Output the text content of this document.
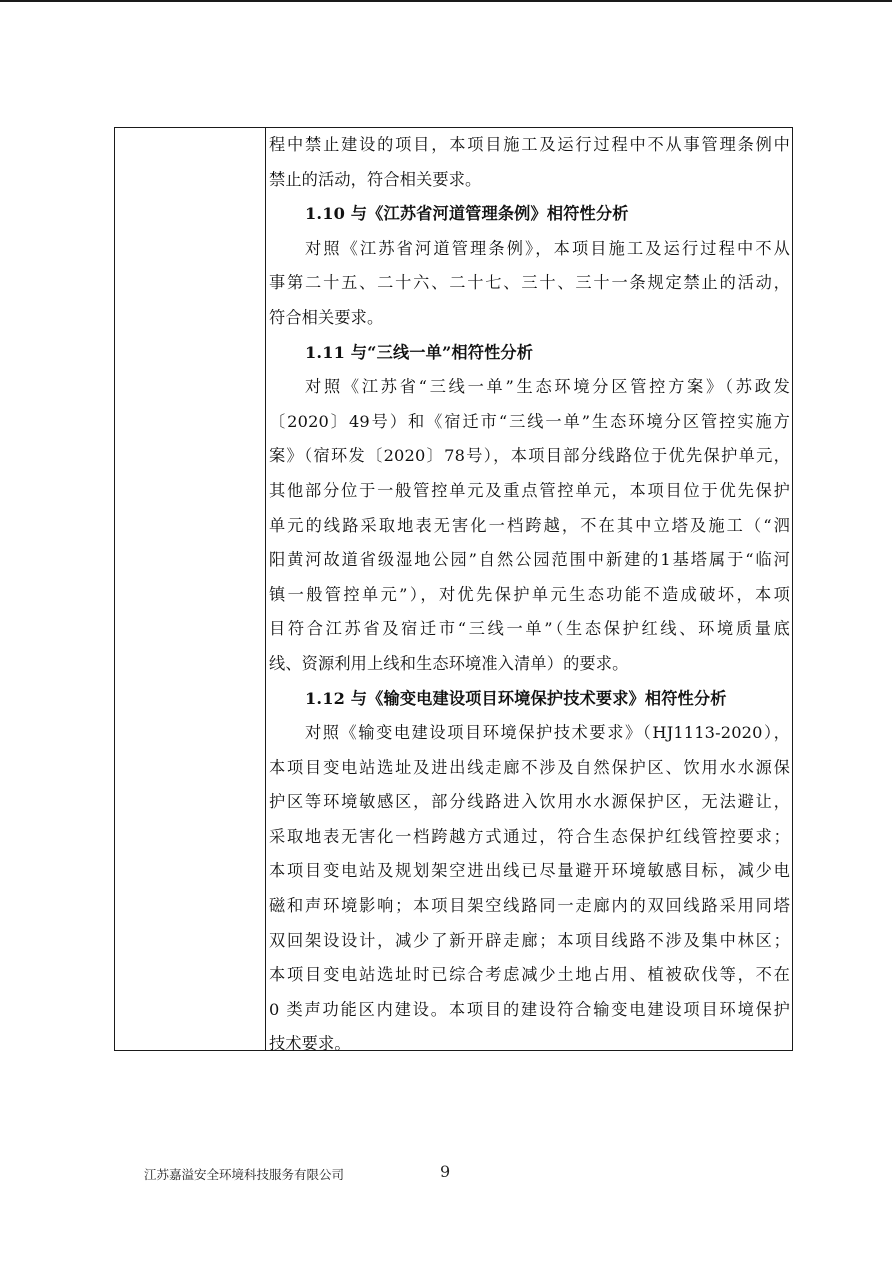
程中禁止建设的项目，本项目施工及运行过程中不从事管理条例中
禁止的活动，符合相关要求。
1.10 与《江苏省河道管理条例》相符性分析
对照《江苏省河道管理条例》，本项目施工及运行过程中不从
事第二十五、二十六、二十七、三十、三十一条规定禁止的活动，
符合相关要求。
1.11 与“三线一单”相符性分析
对照《江苏省“三线一单”生态环境分区管控方案》（苏政发
〔2020〕49号）和《宿迁市“三线一单”生态环境分区管控实施方
案》（宿环发〔2020〕78号），本项目部分线路位于优先保护单元，
其他部分位于一般管控单元及重点管控单元，本项目位于优先保护
单元的线路采取地表无害化一档跨越，不在其中立塔及施工（“泗
阳黄河故道省级湿地公园”自然公园范围中新建的1基塔属于“临河
镇一般管控单元”），对优先保护单元生态功能不造成破坏，本项
目符合江苏省及宿迁市“三线一单”（生态保护红线、环境质量底
线、资源利用上线和生态环境准入清单）的要求。
1.12 与《输变电建设项目环境保护技术要求》相符性分析
对照《输变电建设项目环境保护技术要求》（HJ1113-2020），
本项目变电站选址及进出线走廊不涉及自然保护区、饮用水水源保
护区等环境敏感区，部分线路进入饮用水水源保护区，无法避让，
采取地表无害化一档跨越方式通过，符合生态保护红线管控要求；
本项目变电站及规划架空进出线已尽量避开环境敏感目标，减少电
磁和声环境影响；本项目架空线路同一走廊内的双回线路采用同塔
双回架设设计，减少了新开辟走廊；本项目线路不涉及集中林区；
本项目变电站选址时已综合考虑减少土地占用、植被砍伐等，不在
0 类声功能区内建设。本项目的建设符合输变电建设项目环境保护
技术要求。
江苏嘉溢安全环境科技服务有限公司	9
